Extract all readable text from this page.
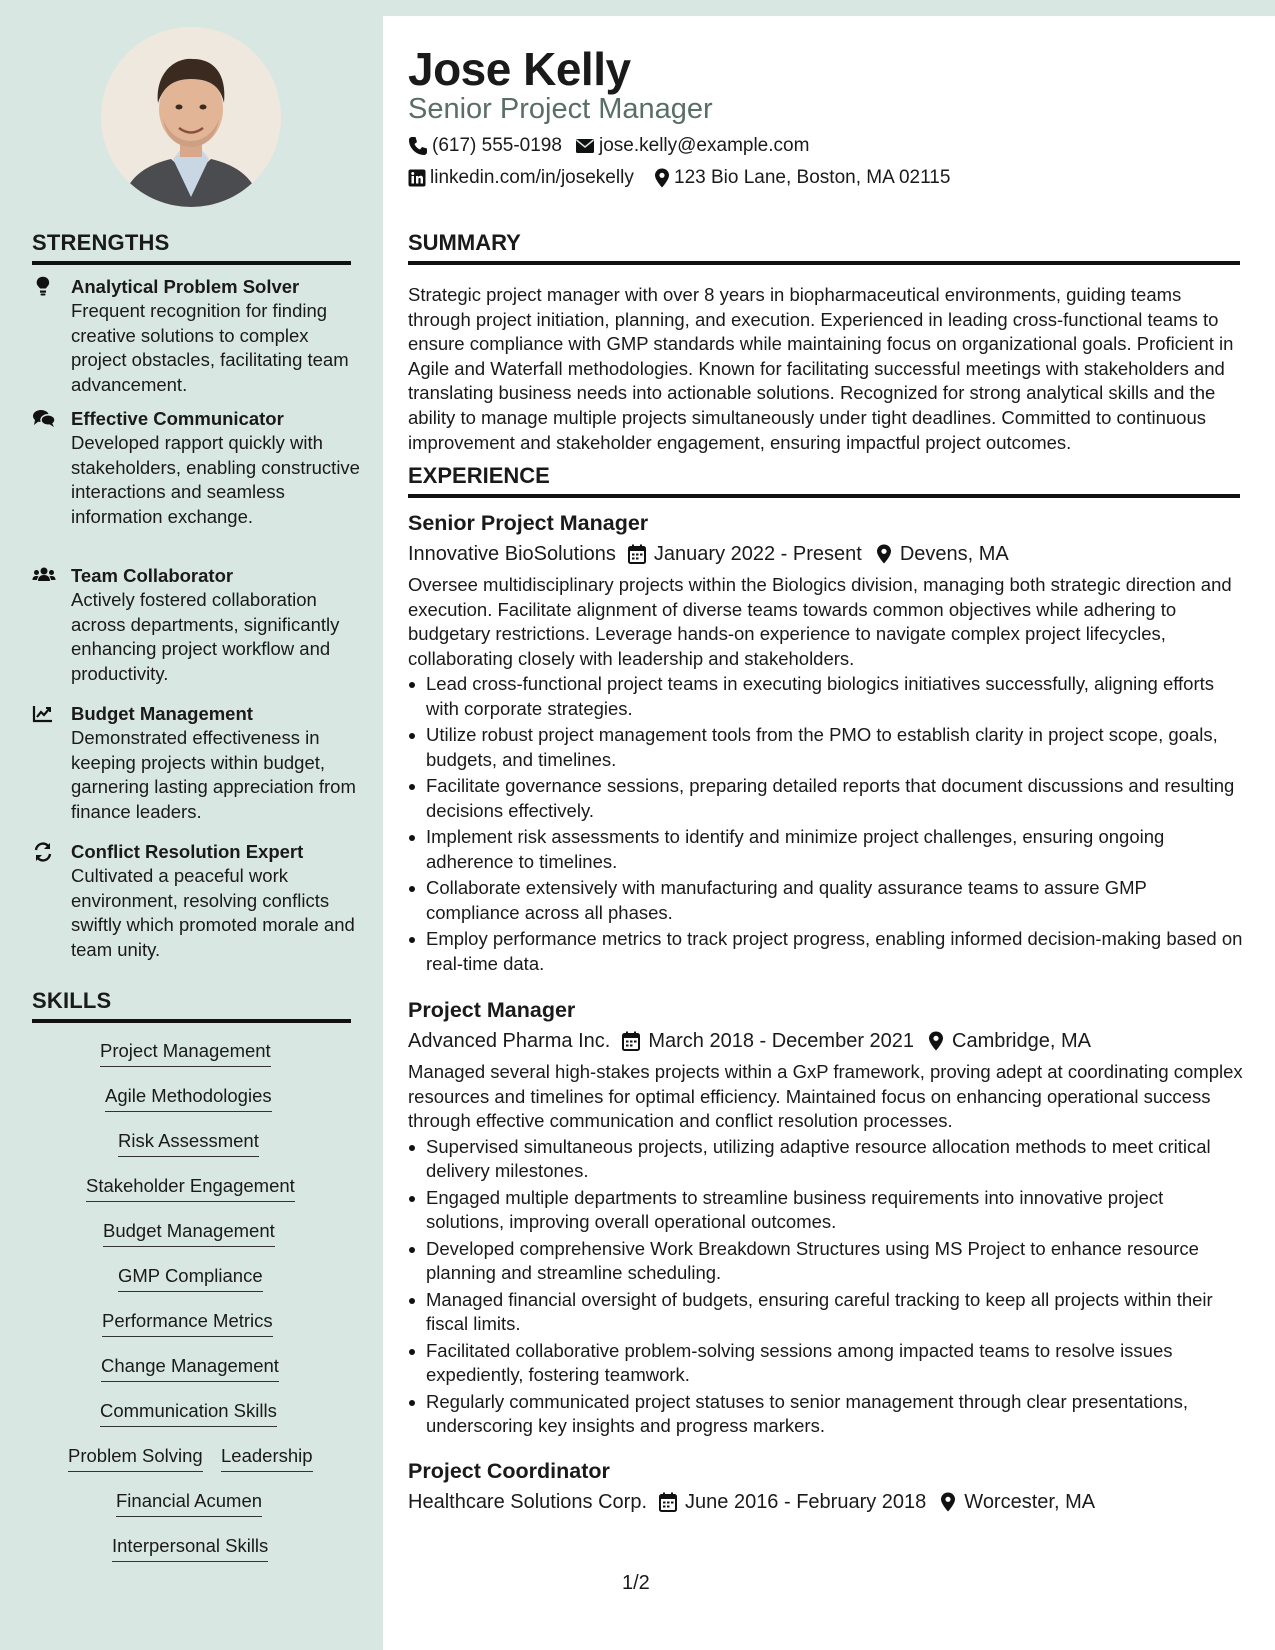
STRENGTHS
Analytical Problem Solver
Frequent recognition for finding creative solutions to complex project obstacles, facilitating team advancement.
Effective Communicator
Developed rapport quickly with stakeholders, enabling constructive interactions and seamless information exchange.
Team Collaborator
Actively fostered collaboration across departments, significantly enhancing project workflow and productivity.
Budget Management
Demonstrated effectiveness in keeping projects within budget, garnering lasting appreciation from finance leaders.
Conflict Resolution Expert
Cultivated a peaceful work environment, resolving conflicts swiftly which promoted morale and team unity.
SKILLS
Project Management
Agile Methodologies
Risk Assessment
Stakeholder Engagement
Budget Management
GMP Compliance
Performance Metrics
Change Management
Communication Skills
Problem Solving Leadership
Financial Acumen
Interpersonal Skills
Jose Kelly
Senior Project Manager
(617) 555-0198 jose.kelly@example.com
linkedin.com/in/josekelly 123 Bio Lane, Boston, MA 02115
SUMMARY
Strategic project manager with over 8 years in biopharmaceutical environments, guiding teams through project initiation, planning, and execution. Experienced in leading cross-functional teams to ensure compliance with GMP standards while maintaining focus on organizational goals. Proficient in Agile and Waterfall methodologies. Known for facilitating successful meetings with stakeholders and translating business needs into actionable solutions. Recognized for strong analytical skills and the ability to manage multiple projects simultaneously under tight deadlines. Committed to continuous improvement and stakeholder engagement, ensuring impactful project outcomes.
EXPERIENCE
Senior Project Manager
Innovative BioSolutions January 2022 - Present Devens, MA
Oversee multidisciplinary projects within the Biologics division, managing both strategic direction and execution. Facilitate alignment of diverse teams towards common objectives while adhering to budgetary restrictions. Leverage hands-on experience to navigate complex project lifecycles, collaborating closely with leadership and stakeholders.
Lead cross-functional project teams in executing biologics initiatives successfully, aligning efforts with corporate strategies.
Utilize robust project management tools from the PMO to establish clarity in project scope, goals, budgets, and timelines.
Facilitate governance sessions, preparing detailed reports that document discussions and resulting decisions effectively.
Implement risk assessments to identify and minimize project challenges, ensuring ongoing adherence to timelines.
Collaborate extensively with manufacturing and quality assurance teams to assure GMP compliance across all phases.
Employ performance metrics to track project progress, enabling informed decision-making based on real-time data.
Project Manager
Advanced Pharma Inc. March 2018 - December 2021 Cambridge, MA
Managed several high-stakes projects within a GxP framework, proving adept at coordinating complex resources and timelines for optimal efficiency. Maintained focus on enhancing operational success through effective communication and conflict resolution processes.
Supervised simultaneous projects, utilizing adaptive resource allocation methods to meet critical delivery milestones.
Engaged multiple departments to streamline business requirements into innovative project solutions, improving overall operational outcomes.
Developed comprehensive Work Breakdown Structures using MS Project to enhance resource planning and streamline scheduling.
Managed financial oversight of budgets, ensuring careful tracking to keep all projects within their fiscal limits.
Facilitated collaborative problem-solving sessions among impacted teams to resolve issues expediently, fostering teamwork.
Regularly communicated project statuses to senior management through clear presentations, underscoring key insights and progress markers.
Project Coordinator
Healthcare Solutions Corp. June 2016 - February 2018 Worcester, MA
1/2
